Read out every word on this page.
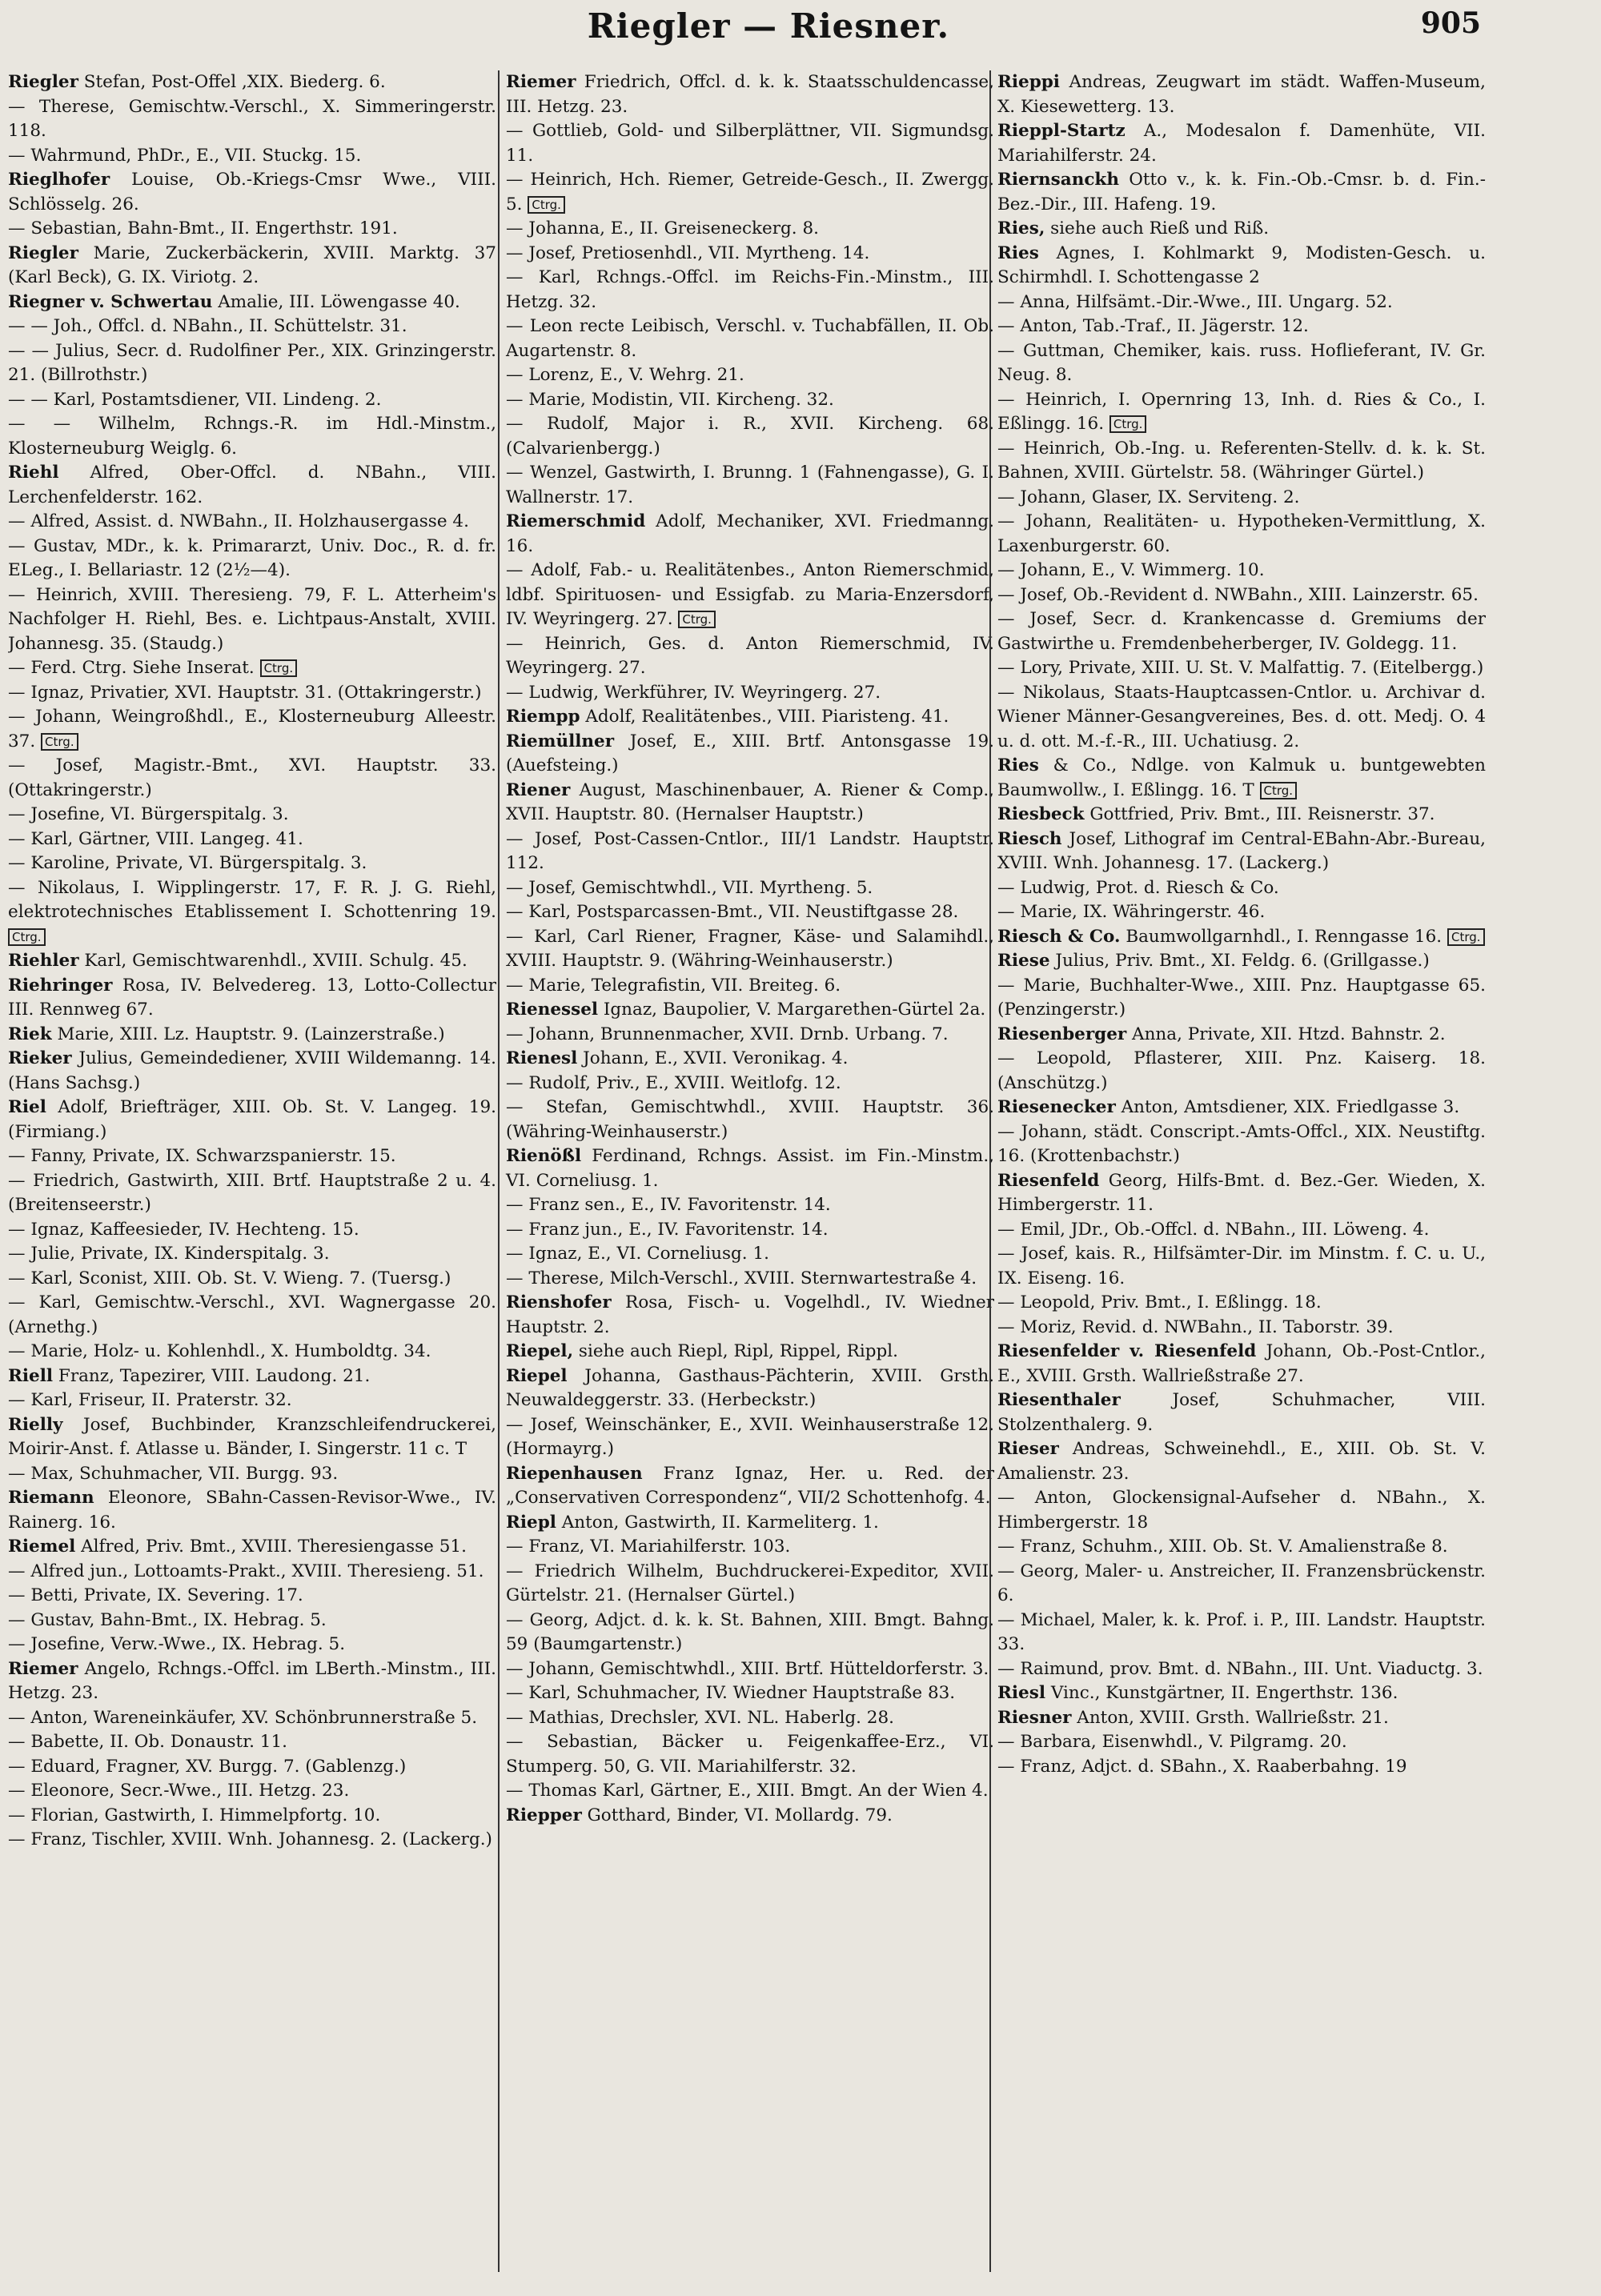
Riegler — Riesner.	905

Riegler Stefan, Post-Offel ,XIX. Biederg. 6.

— Therese, Gemischtw.-Verschl., X. Simmeringerstr. 118.

— Wahrmund, PhDr., E., VII. Stuckg. 15.

Rieglhofer Louise, Ob.-Kriegs-Cmsr Wwe., VIII. Schlösselg. 26.

— Sebastian, Bahn-Bmt., II. Engerthstr. 191.

Riegler Marie, Zuckerbäckerin, XVIII. Marktg. 37 (Karl Beck), G. IX. Viriotg. 2.

Riegner v. Schwertau Amalie, III. Löwengasse 40.

— — Joh., Offcl. d. NBahn., II. Schüttelstr. 31.

— — Julius, Secr. d. Rudolfiner Per., XIX. Grinzingerstr. 21. (Billrothstr.)

— — Karl, Postamtsdiener, VII. Lindeng. 2.

— — Wilhelm, Rchngs.-R. im Hdl.-Minstm., Klosterneuburg Weiglg. 6.

Riehl Alfred, Ober-Offcl. d. NBahn., VIII. Lerchenfelderstr. 162.

— Alfred, Assist. d. NWBahn., II. Holzhausergasse 4.

— Gustav, MDr., k. k. Primararzt, Univ. Doc., R. d. fr. ELeg., I. Bellariastr. 12 (2½—4).

— Heinrich, XVIII. Theresieng. 79, F. L. Atterheim's Nachfolger H. Riehl, Bes. e. Lichtpaus-Anstalt, XVIII. Johannesg. 35. (Staudg.)

— Ferd. Ctrg. Siehe Inserat. Ctrg.

— Ignaz, Privatier, XVI. Hauptstr. 31. (Ottakringerstr.)

— Johann, Weingroßhdl., E., Klosterneuburg Alleestr. 37. Ctrg.

— Josef, Magistr.-Bmt., XVI. Hauptstr. 33. (Ottakringerstr.)

— Josefine, VI. Bürgerspitalg. 3.

— Karl, Gärtner, VIII. Langeg. 41.

— Karoline, Private, VI. Bürgerspitalg. 3.

— Nikolaus, I. Wipplingerstr. 17, F. R. J. G. Riehl, elektrotechnisches Etablissement I. Schottenring 19. Ctrg.

Riehler Karl, Gemischtwarenhdl., XVIII. Schulg. 45.

Riehringer Rosa, IV. Belvedereg. 13, Lotto-Collectur III. Rennweg 67.

Riek Marie, XIII. Lz. Hauptstr. 9. (Lainzerstraße.)

Rieker Julius, Gemeindediener, XVIII Wildemanng. 14. (Hans Sachsg.)

Riel Adolf, Briefträger, XIII. Ob. St. V. Langeg. 19. (Firmiang.)

— Fanny, Private, IX. Schwarzspanierstr. 15.

— Friedrich, Gastwirth, XIII. Brtf. Hauptstraße 2 u. 4. (Breitenseerstr.)

— Ignaz, Kaffeesieder, IV. Hechteng. 15.

— Julie, Private, IX. Kinderspitalg. 3.

— Karl, Sconist, XIII. Ob. St. V. Wieng. 7. (Tuersg.)

— Karl, Gemischtw.-Verschl., XVI. Wagnergasse 20. (Arnethg.)

— Marie, Holz- u. Kohlenhdl., X. Humboldtg. 34.

Riell Franz, Tapezirer, VIII. Laudong. 21.

— Karl, Friseur, II. Praterstr. 32.

Rielly Josef, Buchbinder, Kranzschleifendruckerei, Moirir-Anst. f. Atlasse u. Bänder, I. Singerstr. 11 c. T

— Max, Schuhmacher, VII. Burgg. 93.

Riemann Eleonore, SBahn-Cassen-Revisor-Wwe., IV. Rainerg. 16.

Riemel Alfred, Priv. Bmt., XVIII. Theresiengasse 51.

— Alfred jun., Lottoamts-Prakt., XVIII. Theresieng. 51.

— Betti, Private, IX. Severing. 17.

— Gustav, Bahn-Bmt., IX. Hebrag. 5.

— Josefine, Verw.-Wwe., IX. Hebrag. 5.

Riemer Angelo, Rchngs.-Offcl. im LBerth.-Minstm., III. Hetzg. 23.

— Anton, Wareneinkäufer, XV. Schönbrunnerstraße 5.

— Babette, II. Ob. Donaustr. 11.

— Eduard, Fragner, XV. Burgg. 7. (Gablenzg.)

— Eleonore, Secr.-Wwe., III. Hetzg. 23.

— Florian, Gastwirth, I. Himmelpfortg. 10.

— Franz, Tischler, XVIII. Wnh. Johannesg. 2. (Lackerg.)

Riemer Friedrich, Offcl. d. k. k. Staatsschuldencasse, III. Hetzg. 23.

— Gottlieb, Gold- und Silberplättner, VII. Sigmundsg. 11.

— Heinrich, Hch. Riemer, Getreide-Gesch., II. Zwergg. 5. Ctrg.

— Johanna, E., II. Greiseneckerg. 8.

— Josef, Pretiosenhdl., VII. Myrtheng. 14.

— Karl, Rchngs.-Offcl. im Reichs-Fin.-Minstm., III. Hetzg. 32.

— Leon recte Leibisch, Verschl. v. Tuchabfällen, II. Ob. Augartenstr. 8.

— Lorenz, E., V. Wehrg. 21.

— Marie, Modistin, VII. Kircheng. 32.

— Rudolf, Major i. R., XVII. Kircheng. 68. (Calvarienbergg.)

— Wenzel, Gastwirth, I. Brunng. 1 (Fahnengasse), G. I. Wallnerstr. 17.

Riemerschmid Adolf, Mechaniker, XVI. Friedmanng. 16.

— Adolf, Fab.- u. Realitätenbes., Anton Riemerschmid, ldbf. Spirituosen- und Essigfab. zu Maria-Enzersdorf, IV. Weyringerg. 27. Ctrg.

— Heinrich, Ges. d. Anton Riemerschmid, IV. Weyringerg. 27.

— Ludwig, Werkführer, IV. Weyringerg. 27.

Riempp Adolf, Realitätenbes., VIII. Piaristeng. 41.

Riemüllner Josef, E., XIII. Brtf. Antonsgasse 19. (Auefsteing.)

Riener August, Maschinenbauer, A. Riener & Comp., XVII. Hauptstr. 80. (Hernalser Hauptstr.)

— Josef, Post-Cassen-Cntlor., III/1 Landstr. Hauptstr. 112.

— Josef, Gemischtwhdl., VII. Myrtheng. 5.

— Karl, Postsparcassen-Bmt., VII. Neustiftgasse 28.

— Karl, Carl Riener, Fragner, Käse- und Salamihdl., XVIII. Hauptstr. 9. (Währing-Weinhauserstr.)

— Marie, Telegrafistin, VII. Breiteg. 6.

Rienessel Ignaz, Baupolier, V. Margarethen-Gürtel 2a.

— Johann, Brunnenmacher, XVII. Drnb. Urbang. 7.

Rienesl Johann, E., XVII. Veronikag. 4.

— Rudolf, Priv., E., XVIII. Weitlofg. 12.

— Stefan, Gemischtwhdl., XVIII. Hauptstr. 36. (Währing-Weinhauserstr.)

Rienößl Ferdinand, Rchngs. Assist. im Fin.-Minstm., VI. Corneliusg. 1.

— Franz sen., E., IV. Favoritenstr. 14.

— Franz jun., E., IV. Favoritenstr. 14.

— Ignaz, E., VI. Corneliusg. 1.

— Therese, Milch-Verschl., XVIII. Sternwartestraße 4.

Rienshofer Rosa, Fisch- u. Vogelhdl., IV. Wiedner Hauptstr. 2.

Riepel, siehe auch Riepl, Ripl, Rippel, Rippl.

Riepel Johanna, Gasthaus-Pächterin, XVIII. Grsth. Neuwaldeggerstr. 33. (Herbeckstr.)

— Josef, Weinschänker, E., XVII. Weinhauserstraße 12. (Hormayrg.)

Riepenhausen Franz Ignaz, Her. u. Red. der „Conservativen Correspondenz“, VII/2 Schottenhofg. 4.

Riepl Anton, Gastwirth, II. Karmeliterg. 1.

— Franz, VI. Mariahilferstr. 103.

— Friedrich Wilhelm, Buchdruckerei-Expeditor, XVII. Gürtelstr. 21. (Hernalser Gürtel.)

— Georg, Adjct. d. k. k. St. Bahnen, XIII. Bmgt. Bahng. 59 (Baumgartenstr.)

— Johann, Gemischtwhdl., XIII. Brtf. Hütteldorferstr. 3.

— Karl, Schuhmacher, IV. Wiedner Hauptstraße 83.

— Mathias, Drechsler, XVI. NL. Haberlg. 28.

— Sebastian, Bäcker u. Feigenkaffee-Erz., VI. Stumperg. 50, G. VII. Mariahilferstr. 32.

— Thomas Karl, Gärtner, E., XIII. Bmgt. An der Wien 4.

Riepper Gotthard, Binder, VI. Mollardg. 79.

Rieppi Andreas, Zeugwart im städt. Waffen-Museum, X. Kiesewetterg. 13.

Rieppl-Startz A., Modesalon f. Damenhüte, VII. Mariahilferstr. 24.

Riernsanckh Otto v., k. k. Fin.-Ob.-Cmsr. b. d. Fin.-Bez.-Dir., III. Hafeng. 19.

Ries, siehe auch Rieß und Riß.

Ries Agnes, I. Kohlmarkt 9, Modisten-Gesch. u. Schirmhdl. I. Schottengasse 2

— Anna, Hilfsämt.-Dir.-Wwe., III. Ungarg. 52.

— Anton, Tab.-Traf., II. Jägerstr. 12.

— Guttman, Chemiker, kais. russ. Hoflieferant, IV. Gr. Neug. 8.

— Heinrich, I. Opernring 13, Inh. d. Ries & Co., I. Eßlingg. 16. Ctrg.

— Heinrich, Ob.-Ing. u. Referenten-Stellv. d. k. k. St. Bahnen, XVIII. Gürtelstr. 58. (Währinger Gürtel.)

— Johann, Glaser, IX. Serviteng. 2.

— Johann, Realitäten- u. Hypotheken-Vermittlung, X. Laxenburgerstr. 60.

— Johann, E., V. Wimmerg. 10.

— Josef, Ob.-Revident d. NWBahn., XIII. Lainzerstr. 65.

— Josef, Secr. d. Krankencasse d. Gremiums der Gastwirthe u. Fremdenbeherberger, IV. Goldegg. 11.

— Lory, Private, XIII. U. St. V. Malfattig. 7. (Eitelbergg.)

— Nikolaus, Staats-Hauptcassen-Cntlor. u. Archivar d. Wiener Männer-Gesangvereines, Bes. d. ott. Medj. O. 4 u. d. ott. M.-f.-R., III. Uchatiusg. 2.

Ries & Co., Ndlge. von Kalmuk u. buntgewebten Baumwollw., I. Eßlingg. 16. T Ctrg.

Riesbeck Gottfried, Priv. Bmt., III. Reisnerstr. 37.

Riesch Josef, Lithograf im Central-EBahn-Abr.-Bureau, XVIII. Wnh. Johannesg. 17. (Lackerg.)

— Ludwig, Prot. d. Riesch & Co.

— Marie, IX. Währingerstr. 46.

Riesch & Co. Baumwollgarnhdl., I. Renngasse 16. Ctrg.

Riese Julius, Priv. Bmt., XI. Feldg. 6. (Grillgasse.)

— Marie, Buchhalter-Wwe., XIII. Pnz. Hauptgasse 65. (Penzingerstr.)

Riesenberger Anna, Private, XII. Htzd. Bahnstr. 2.

— Leopold, Pflasterer, XIII. Pnz. Kaiserg. 18. (Anschützg.)

Riesenecker Anton, Amtsdiener, XIX. Friedlgasse 3.

— Johann, städt. Conscript.-Amts-Offcl., XIX. Neustiftg. 16. (Krottenbachstr.)

Riesenfeld Georg, Hilfs-Bmt. d. Bez.-Ger. Wieden, X. Himbergerstr. 11.

— Emil, JDr., Ob.-Offcl. d. NBahn., III. Löweng. 4.

— Josef, kais. R., Hilfsämter-Dir. im Minstm. f. C. u. U., IX. Eiseng. 16.

— Leopold, Priv. Bmt., I. Eßlingg. 18.

— Moriz, Revid. d. NWBahn., II. Taborstr. 39.

Riesenfelder v. Riesenfeld Johann, Ob.-Post-Cntlor., E., XVIII. Grsth. Wallrießstraße 27.

Riesenthaler Josef, Schuhmacher, VIII. Stolzenthalerg. 9.

Rieser Andreas, Schweinehdl., E., XIII. Ob. St. V. Amalienstr. 23.

— Anton, Glockensignal-Aufseher d. NBahn., X. Himbergerstr. 18

— Franz, Schuhm., XIII. Ob. St. V. Amalienstraße 8.

— Georg, Maler- u. Anstreicher, II. Franzensbrückenstr. 6.

— Michael, Maler, k. k. Prof. i. P., III. Landstr. Hauptstr. 33.

— Raimund, prov. Bmt. d. NBahn., III. Unt. Viaductg. 3.

Riesl Vinc., Kunstgärtner, II. Engerthstr. 136.

Riesner Anton, XVIII. Grsth. Wallrießstr. 21.

— Barbara, Eisenwhdl., V. Pilgramg. 20.

— Franz, Adjct. d. SBahn., X. Raaberbahng. 19
